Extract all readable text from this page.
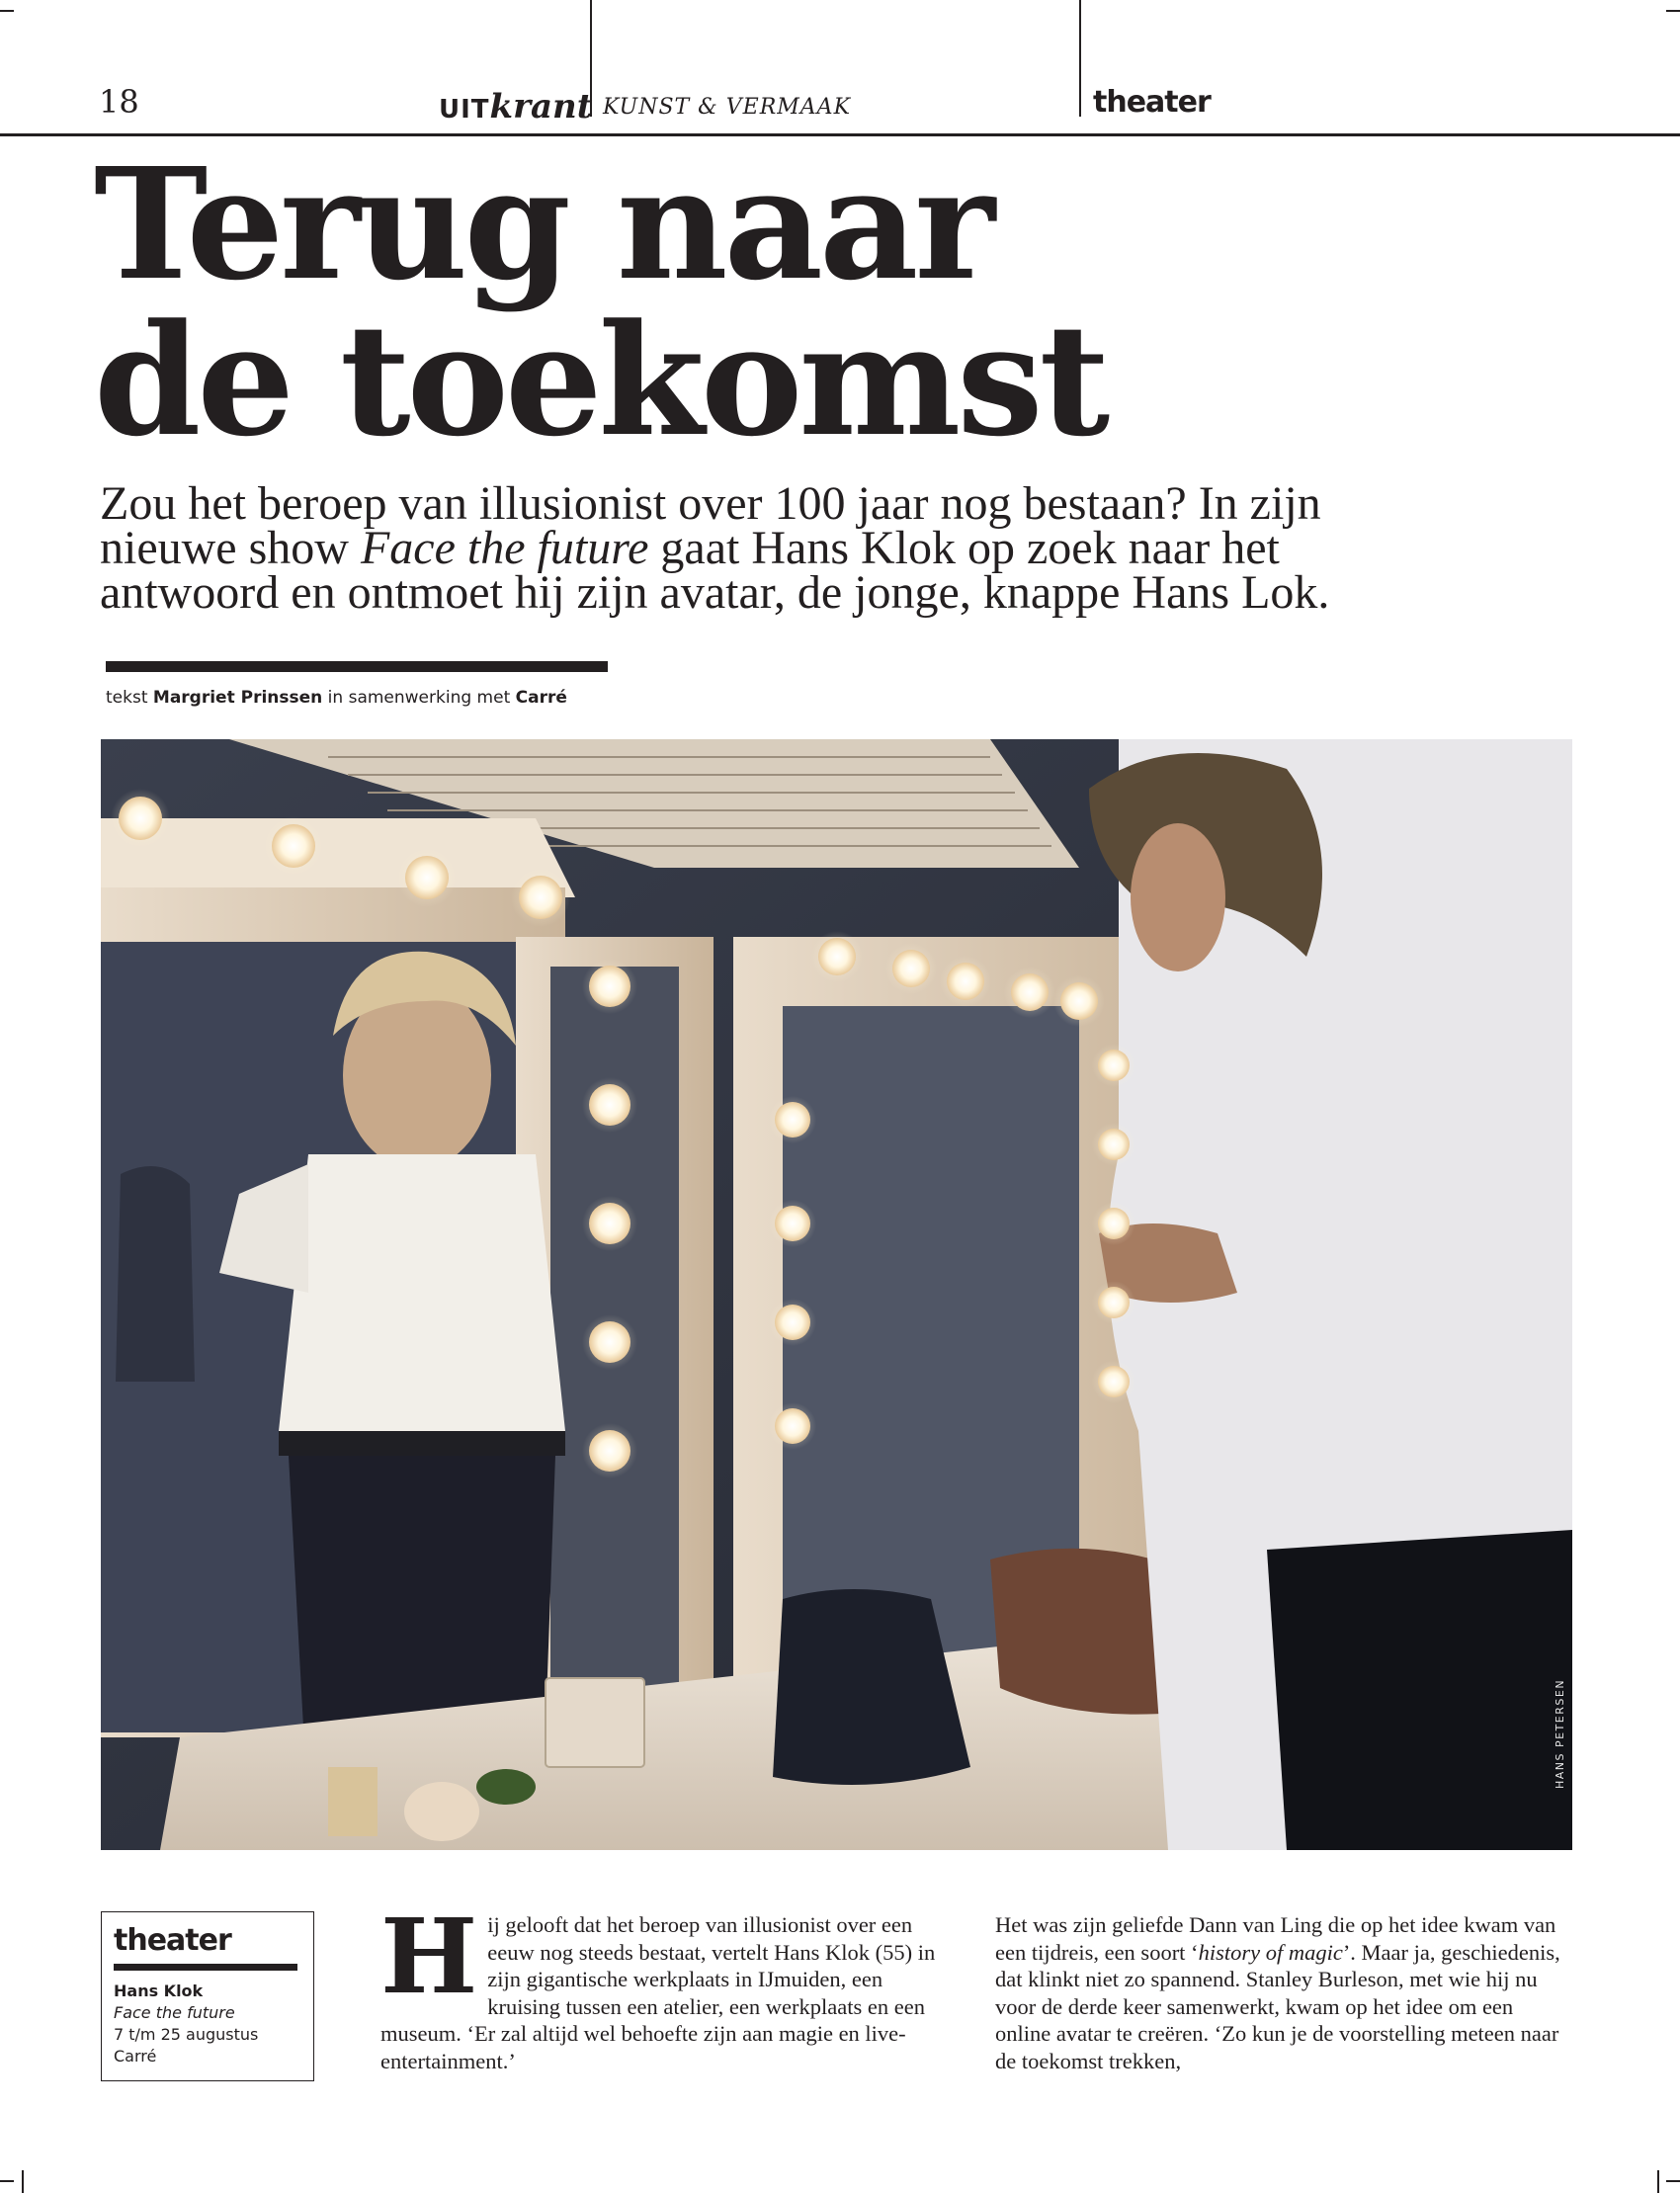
18	UITkrant KUNST & VERMAAK	theater
Terug naar
de toekomst

Zou het beroep van illusionist over 100 jaar nog bestaan? In zijn nieuwe show Face the future gaat Hans Klok op zoek naar het antwoord en ontmoet hij zijn avatar, de jonge, knappe Hans Lok.

tekst Margriet Prinssen in samenwerking met Carré
HANS PETERSEN
theater
Hans Klok
Face the future
7 t/m 25 augustus
Carré
Hij gelooft dat het beroep van illusionist over een eeuw nog steeds bestaat, vertelt Hans Klok (55) in zijn gigantische werkplaats in IJmuiden, een kruising tussen een atelier, een werkplaats en een museum. ‘Er zal altijd wel behoefte zijn aan magie en live-entertainment.’
Het was zijn geliefde Dann van Ling die op het idee kwam van een tijdreis, een soort ‘history of magic’. Maar ja, geschiedenis, dat klinkt niet zo spannend. Stanley Burleson, met wie hij nu voor de derde keer samenwerkt, kwam op het idee om een online avatar te creëren. ‘Zo kun je de voorstelling meteen naar de toekomst trekken,
